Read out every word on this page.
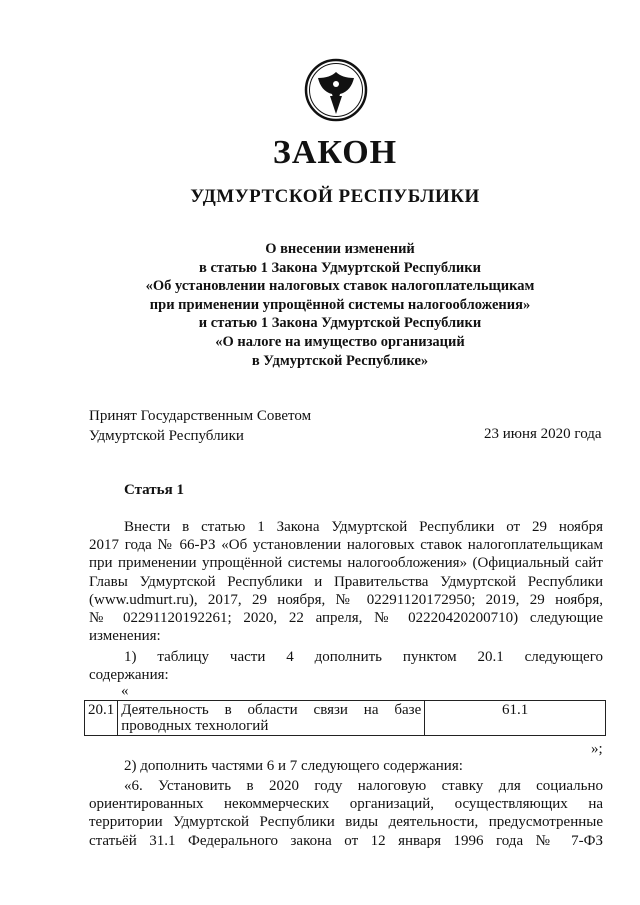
ЗАКОН
УДМУРТСКОЙ РЕСПУБЛИКИ
О внесении изменений
в статью 1 Закона Удмуртской Республики
«Об установлении налоговых ставок налогоплательщикам
при применении упрощённой системы налогообложения»
и статью 1 Закона Удмуртской Республики
«О налоге на имущество организаций
в Удмуртской Республике»
Принят Государственным Советом
Удмуртской Республики	23 июня 2020 года
Статья 1
Внести в статью 1 Закона Удмуртской Республики от 29 ноября
2017 года № 66-РЗ «Об установлении налоговых ставок налогоплательщикам
при применении упрощённой системы налогообложения» (Официальный сайт
Главы Удмуртской Республики и Правительства Удмуртской Республики
(www.udmurt.ru), 2017, 29 ноября, № 02291120172950; 2019, 29 ноября,
№ 02291120192261; 2020, 22 апреля, № 02220420200710) следующие
изменения:
1) таблицу части 4 дополнить пунктом 20.1 следующего
содержания:
«
20.1	Деятельность в области связи на базе проводных технологий	61.1
»;
2) дополнить частями 6 и 7 следующего содержания:
«6. Установить в 2020 году налоговую ставку для социально
ориентированных некоммерческих организаций, осуществляющих на
территории Удмуртской Республики виды деятельности, предусмотренные
статьёй 31.1 Федерального закона от 12 января 1996 года № 7-ФЗ
